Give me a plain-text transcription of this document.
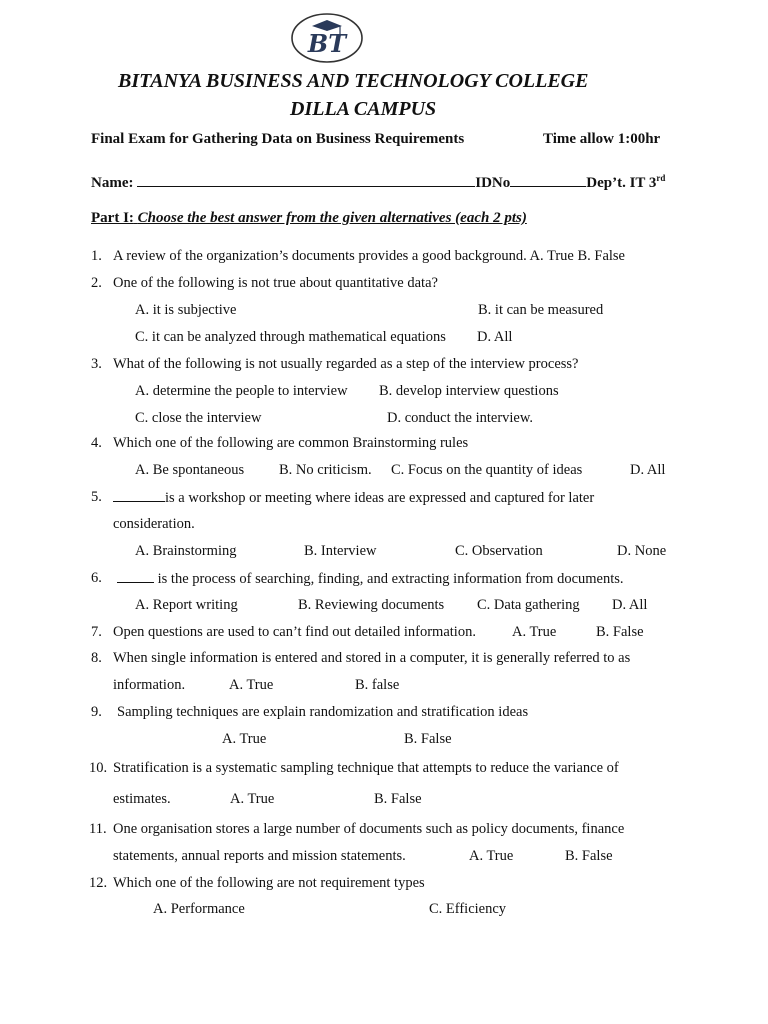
BT
BITANYA BUSINESS AND TECHNOLOGY COLLEGE
DILLA CAMPUS
Final Exam for Gathering Data on Business Requirements	Time allow 1:00hr
Name:	IDNo	Dep’t. IT 3rd
Part I: Choose the best answer from the given alternatives (each 2 pts)
1. A review of the organization’s documents provides a good background. A. True B. False
2. One of the following is not true about quantitative data?
A. it is subjective	B. it can be measured
C. it can be analyzed through mathematical equations D. All
3. What of the following is not usually regarded as a step of the interview process?
A. determine the people to interview B. develop interview questions
C. close the interview	D. conduct the interview.
4. Which one of the following are common Brainstorming rules
A. Be spontaneous B. No criticism. C. Focus on the quantity of ideas	D. All
5.	is a workshop or meeting where ideas are expressed and captured for later
consideration.
A. Brainstorming	B. Interview	C. Observation	D. None
6.	is the process of searching, finding, and extracting information from documents.
A. Report writing	B. Reviewing documents C. Data gathering D. All
7. Open questions are used to can’t find out detailed information. A. True	B. False
8. When single information is entered and stored in a computer, it is generally referred to as
information.	A. True	B. false
9. Sampling techniques are explain randomization and stratification ideas
A. True	B. False
10. Stratification is a systematic sampling technique that attempts to reduce the variance of
estimates.	A. True	B. False
11. One organisation stores a large number of documents such as policy documents, finance
statements, annual reports and mission statements.	A. True	B. False
12. Which one of the following are not requirement types
A. Performance	C. Efficiency
